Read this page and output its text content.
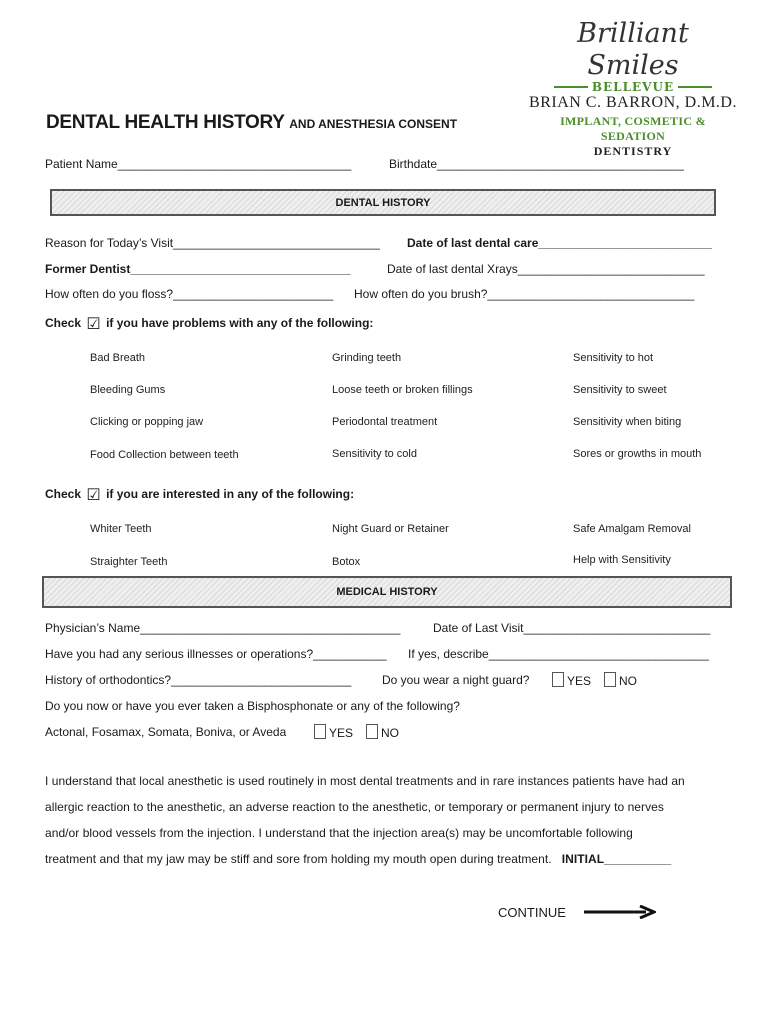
Brilliant Smiles
BELLEVUE
BRIAN C. BARRON, D.M.D.
IMPLANT, COSMETIC & SEDATION
DENTISTRY
DENTAL HEALTH HISTORY AND ANESTHESIA CONSENT
Patient Name___________________________________	Birthdate_____________________________________
DENTAL HISTORY
Reason for Today’s Visit_______________________________ Date of last dental care__________________________
Former Dentist_________________________________	Date of last dental Xrays____________________________
How often do you floss?________________________ How often do you brush?_______________________________
Check ☑ if you have problems with any of the following:
Bad Breath	Grinding teeth	Sensitivity to hot
Bleeding Gums	Loose teeth or broken fillings	Sensitivity to sweet
Clicking or popping jaw	Periodontal treatment	Sensitivity when biting
Food Collection between teeth	Sensitivity to cold	Sores or growths in mouth
Check ☑ if you are interested in any of the following:
Whiter Teeth	Night Guard or Retainer	Safe Amalgam Removal
Straighter Teeth	Botox	Help with Sensitivity
MEDICAL HISTORY
Physician’s Name_______________________________________	Date of Last Visit____________________________
Have you had any serious illnesses or operations?___________ If yes, describe_________________________________
History of orthodontics?___________________________	Do you wear a night guard?	YES	NO
Do you now or have you ever taken a Bisphosphonate or any of the following?
Actonal, Fosamax, Somata, Boniva, or Aveda	YES	NO
I understand that local anesthetic is used routinely in most dental treatments and in rare instances patients have had an
allergic reaction to the anesthetic, an adverse reaction to the anesthetic, or temporary or permanent injury to nerves
and/or blood vessels from the injection. I understand that the injection area(s) may be uncomfortable following
treatment and that my jaw may be stiff and sore from holding my mouth open during treatment. INITIAL__________
CONTINUE
